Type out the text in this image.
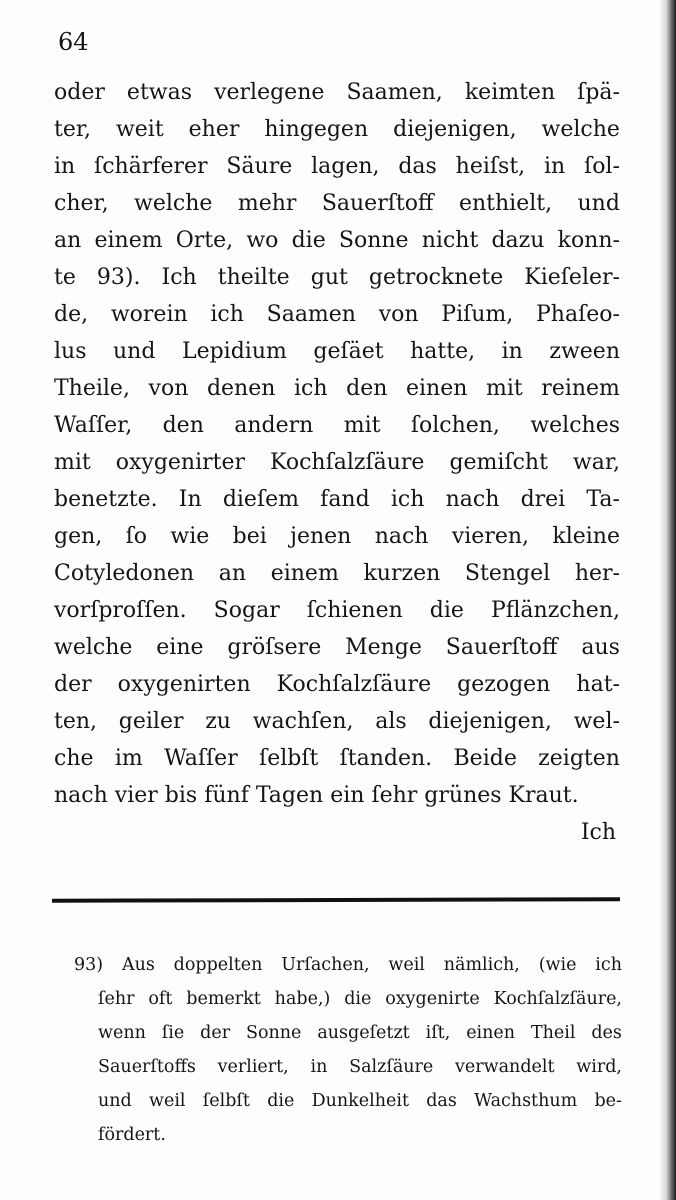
64
oder etwas verlegene Saamen, keimten ſpä-
ter, weit eher hingegen diejenigen, welche
in ſchärferer Säure lagen, das heiſst, in ſol-
cher, welche mehr Sauerſtoff enthielt, und
an einem Orte, wo die Sonne nicht dazu konn-
te 93). Ich theilte gut getrocknete Kieſeler-
de, worein ich Saamen von Piſum, Phaſeo-
lus und Lepidium geſäet hatte, in zween
Theile, von denen ich den einen mit reinem
Waſſer, den andern mit ſolchen, welches
mit oxygenirter Kochſalzſäure gemiſcht war,
benetzte. In dieſem fand ich nach drei Ta-
gen, ſo wie bei jenen nach vieren, kleine
Cotyledonen an einem kurzen Stengel her-
vorſproſſen. Sogar ſchienen die Pflänzchen,
welche eine gröſsere Menge Sauerſtoff aus
der oxygenirten Kochſalzſäure gezogen hat-
ten, geiler zu wachſen, als diejenigen, wel-
che im Waſſer ſelbſt ſtanden. Beide zeigten
nach
vier
bis
fünf
Tagen
ein
ſehr
grünes
Kraut.
Ich
93) Aus doppelten Urſachen, weil nämlich, (wie ich
ſehr oft bemerkt habe,) die oxygenirte Kochſalzſäure,
wenn ſie der Sonne ausgeſetzt iſt, einen Theil des
Sauerſtoffs verliert, in Salzſäure verwandelt wird,
und weil ſelbſt die Dunkelheit das Wachsthum be-
fördert.
